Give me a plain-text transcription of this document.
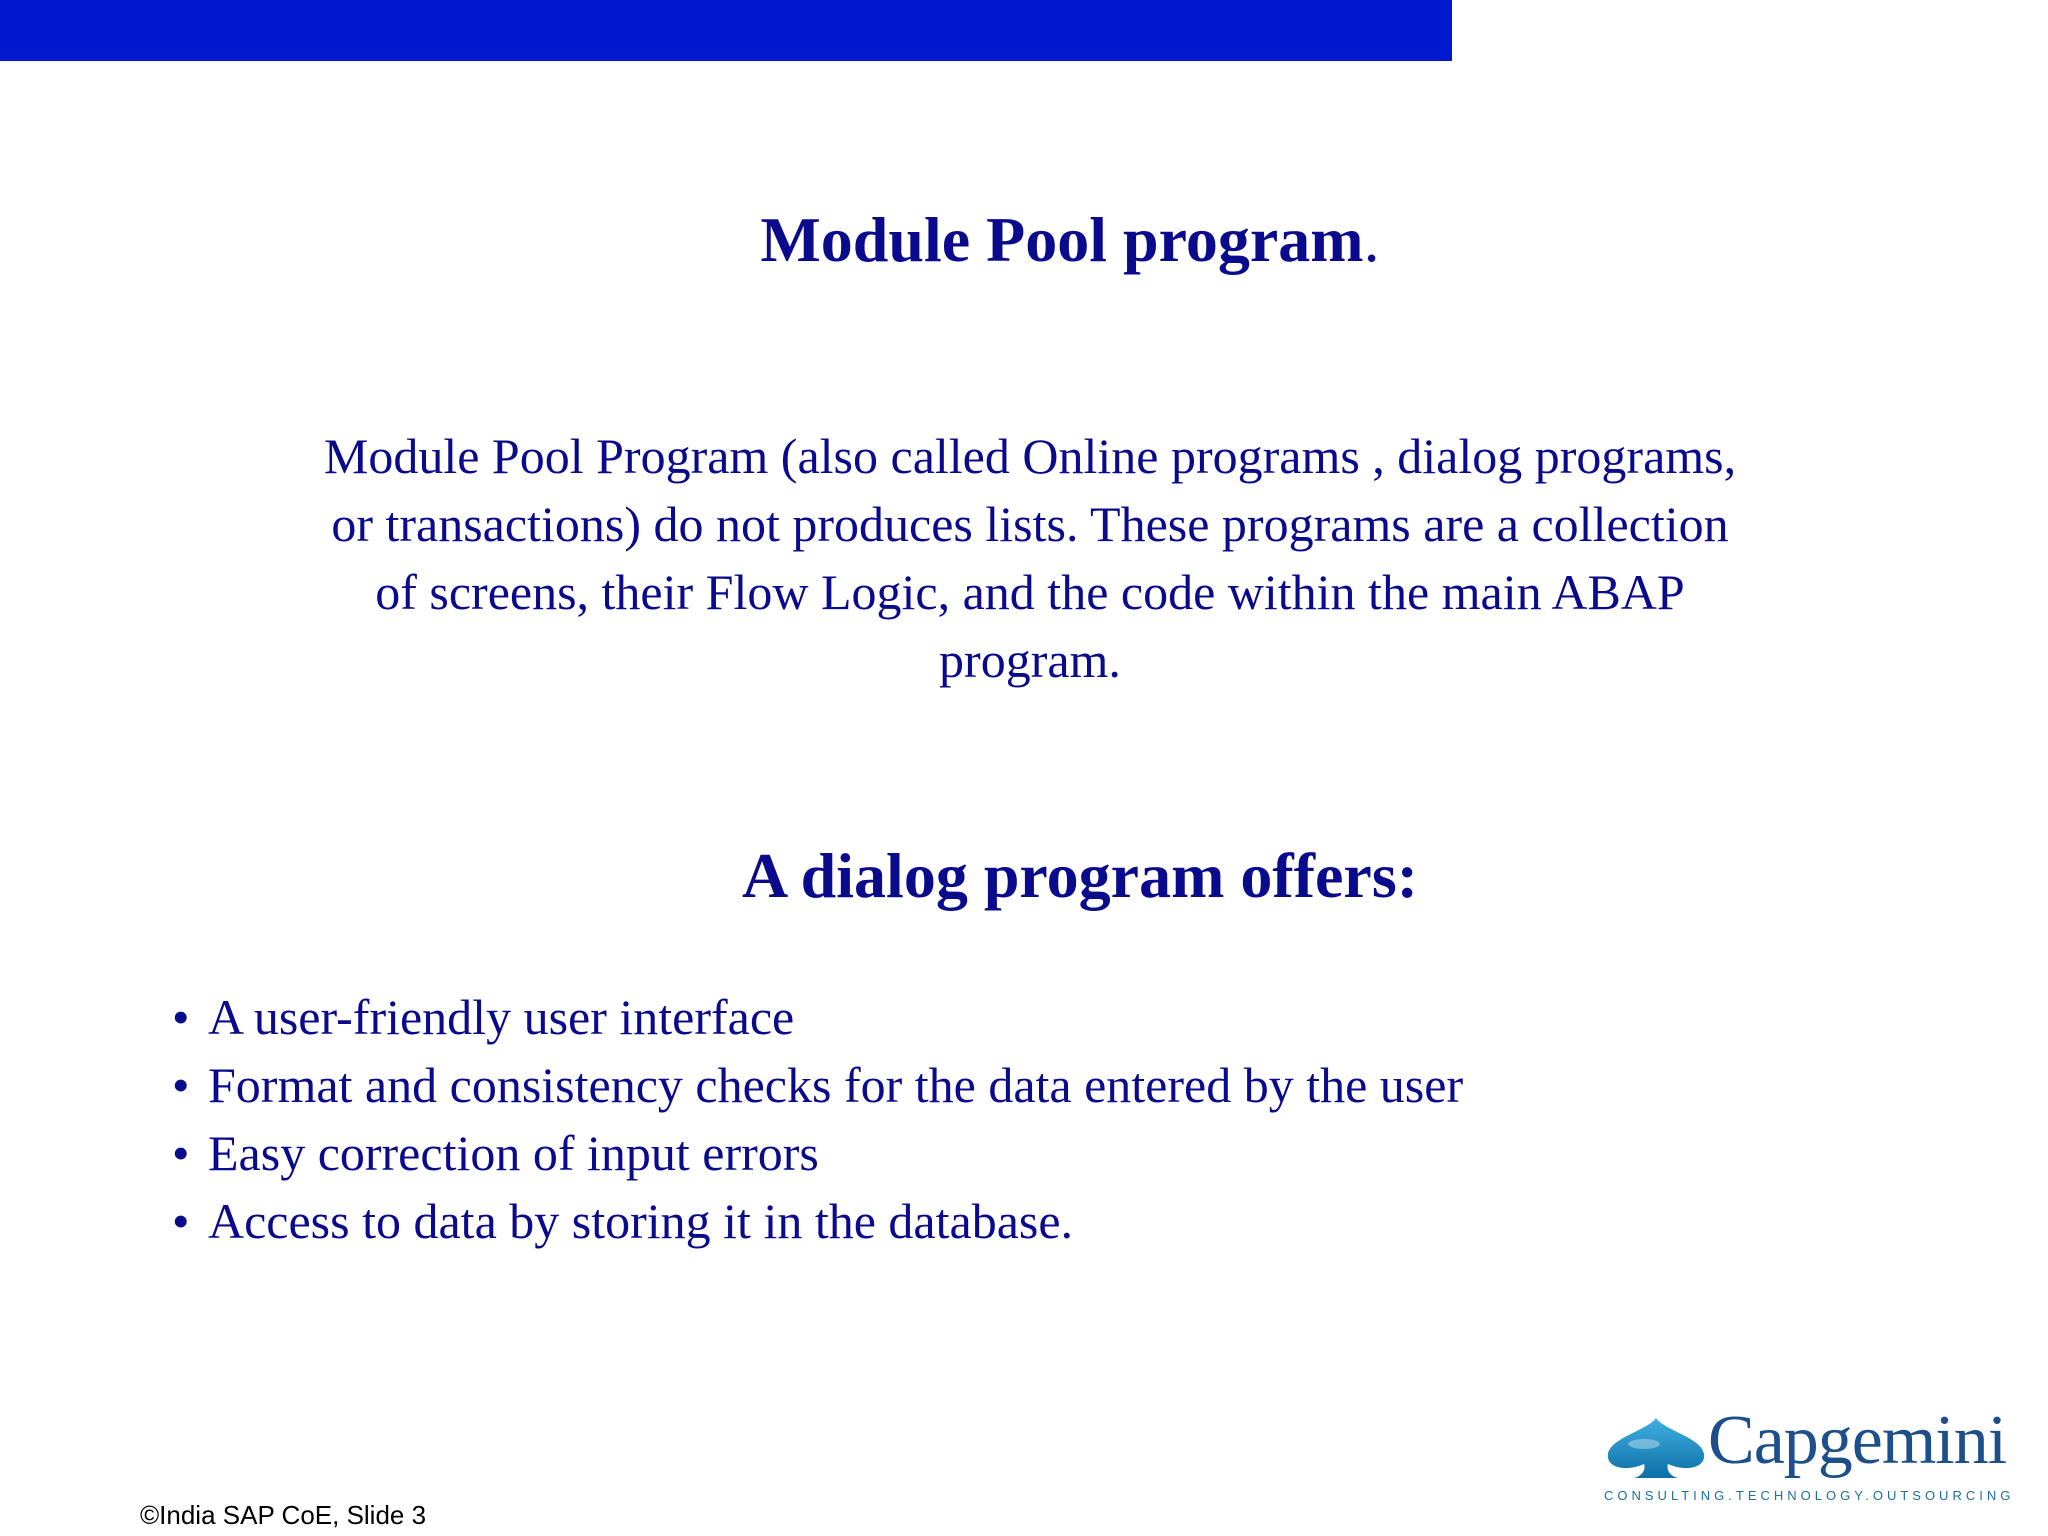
Module Pool program.
Module Pool Program (also called Online programs , dialog programs,
or transactions) do not produces lists. These programs are a collection
of screens, their Flow Logic, and the code within the main ABAP
program.
A dialog program offers:
• A user-friendly user interface
• Format and consistency checks for the data entered by the user
• Easy correction of input errors
• Access to data by storing it in the database.
Capgemini
CONSULTING.TECHNOLOGY.OUTSOURCING
©India SAP CoE, Slide 3
